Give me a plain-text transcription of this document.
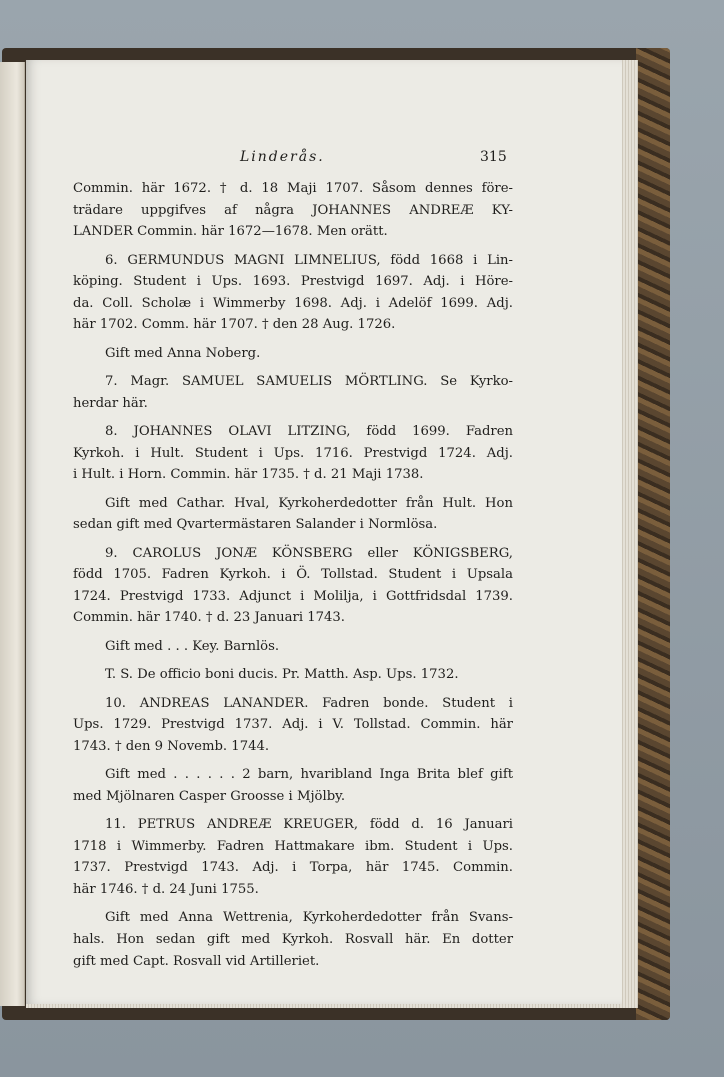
Linderås.	315
Commin. här 1672. † d. 18 Maji 1707. Såsom dennes före-
trädare uppgifves af några JOHANNES ANDREÆ KY-
LANDER Commin. här 1672—1678. Men orätt.
6. GERMUNDUS MAGNI LIMNELIUS, född 1668 i Lin-
köping. Student i Ups. 1693. Prestvigd 1697. Adj. i Höre-
da. Coll. Scholæ i Wimmerby 1698. Adj. i Adelöf 1699. Adj.
här 1702. Comm. här 1707. † den 28 Aug. 1726.
Gift med Anna Noberg.
7. Magr. SAMUEL SAMUELIS MÖRTLING. Se Kyrko-
herdar här.
8. JOHANNES OLAVI LITZING, född 1699. Fadren
Kyrkoh. i Hult. Student i Ups. 1716. Prestvigd 1724. Adj.
i Hult. i Horn. Commin. här 1735. † d. 21 Maji 1738.
Gift med Cathar. Hval, Kyrkoherdedotter från Hult. Hon
sedan gift med Qvartermästaren Salander i Normlösa.
9. CAROLUS JONÆ KÖNSBERG eller KÖNIGSBERG,
född 1705. Fadren Kyrkoh. i Ö. Tollstad. Student i Upsala
1724. Prestvigd 1733. Adjunct i Molilja, i Gottfridsdal 1739.
Commin. här 1740. † d. 23 Januari 1743.
Gift med . . . Key. Barnlös.
T. S. De officio boni ducis. Pr. Matth. Asp. Ups. 1732.
10. ANDREAS LANANDER. Fadren bonde. Student i
Ups. 1729. Prestvigd 1737. Adj. i V. Tollstad. Commin. här
1743. † den 9 Novemb. 1744.
Gift med . . . . . . 2 barn, hvaribland Inga Brita blef gift
med Mjölnaren Casper Groosse i Mjölby.
11. PETRUS ANDREÆ KREUGER, född d. 16 Januari
1718 i Wimmerby. Fadren Hattmakare ibm. Student i Ups.
1737. Prestvigd 1743. Adj. i Torpa, här 1745. Commin.
här 1746. † d. 24 Juni 1755.
Gift med Anna Wettrenia, Kyrkoherdedotter från Svans-
hals. Hon sedan gift med Kyrkoh. Rosvall här. En dotter
gift med Capt. Rosvall vid Artilleriet.
